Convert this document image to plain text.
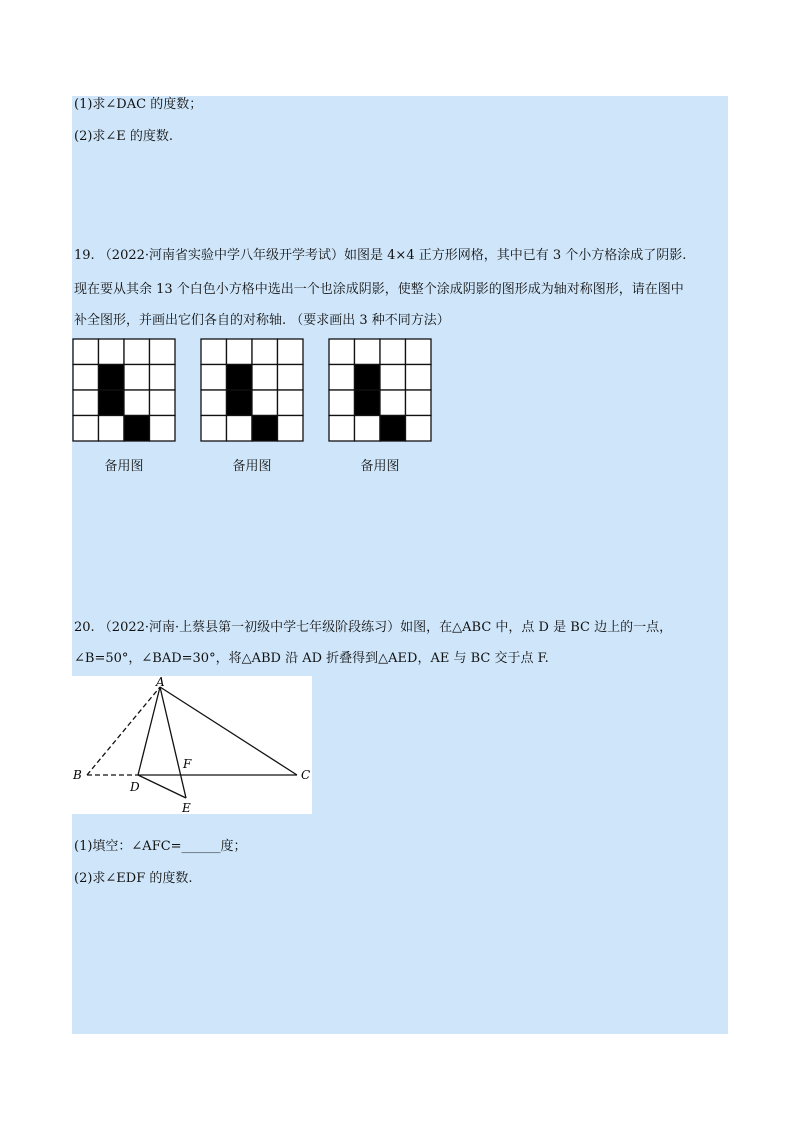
(1)求∠DAC 的度数；
(2)求∠E 的度数.
19. （2022·河南省实验中学八年级开学考试）如图是 4×4 正方形网格，其中已有 3 个小方格涂成了阴影.
现在要从其余 13 个白色小方格中选出一个也涂成阴影，使整个涂成阴影的图形成为轴对称图形，请在图中
补全图形，并画出它们各自的对称轴. （要求画出 3 种不同方法）
备用图	备用图	备用图
20. （2022·河南·上蔡县第一初级中学七年级阶段练习）如图，在△ABC 中，点 D 是 BC 边上的一点，
∠B=50°，∠BAD=30°，将△ABD 沿 AD 折叠得到△AED，AE 与 BC 交于点 F.
A
B	C
D
E
F
(1)填空：∠AFC=______度；
(2)求∠EDF 的度数.
